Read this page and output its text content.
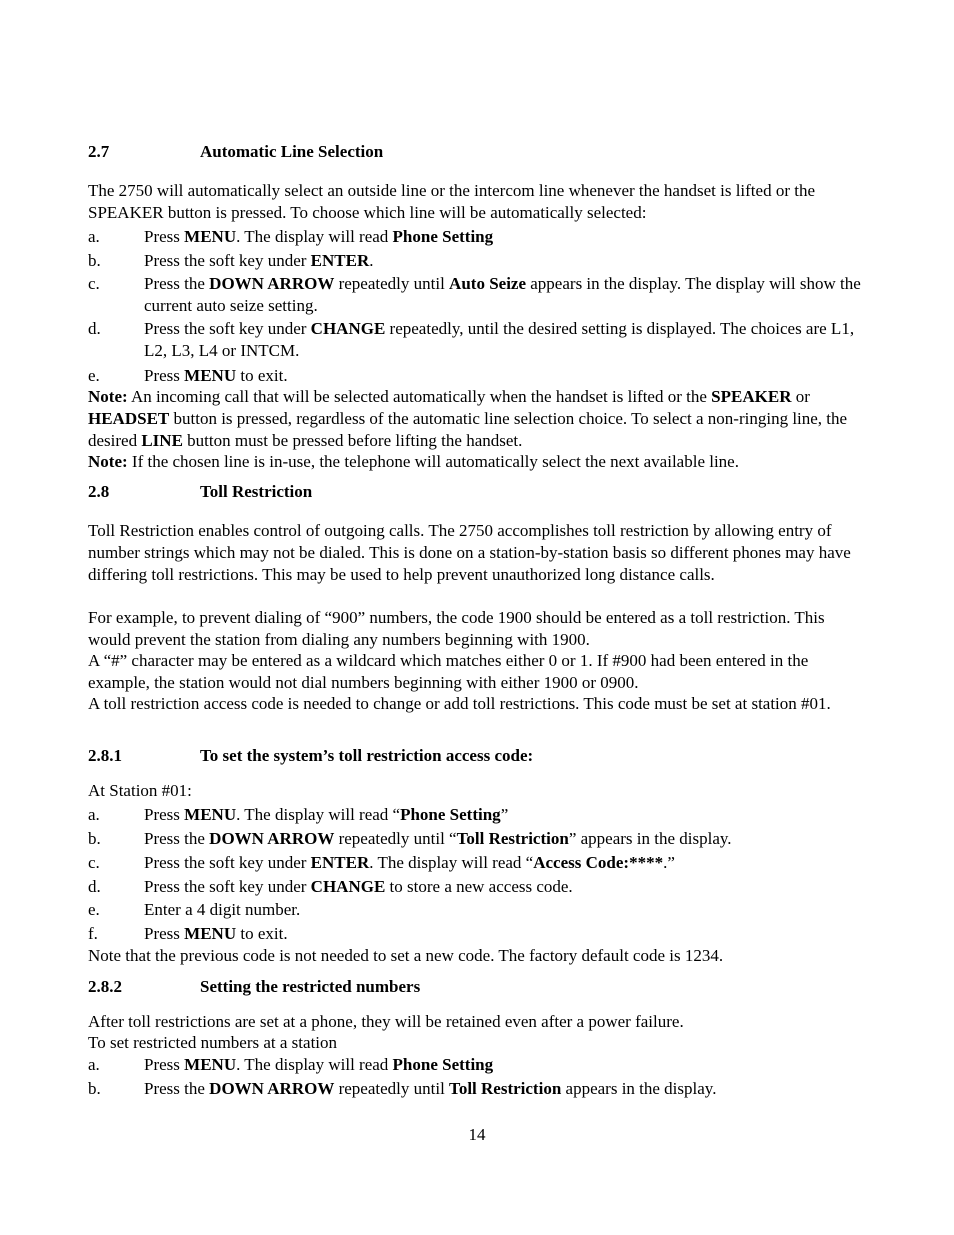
2.7	Automatic Line Selection
The 2750 will automatically select an outside line or the intercom line whenever the handset is lifted or the SPEAKER button is pressed. To choose which line will be automatically selected:
a.	Press MENU. The display will read Phone Setting
b.	Press the soft key under ENTER.
c.	Press the DOWN ARROW repeatedly until Auto Seize appears in the display. The display will show the current auto seize setting.
d.	Press the soft key under CHANGE repeatedly, until the desired setting is displayed. The choices are L1, L2, L3, L4 or INTCM.
e.	Press MENU to exit.
Note: An incoming call that will be selected automatically when the handset is lifted or the SPEAKER or HEADSET button is pressed, regardless of the automatic line selection choice. To select a non-ringing line, the desired LINE button must be pressed before lifting the handset.
Note: If the chosen line is in-use, the telephone will automatically select the next available line.
2.8	Toll Restriction
Toll Restriction enables control of outgoing calls. The 2750 accomplishes toll restriction by allowing entry of number strings which may not be dialed. This is done on a station-by-station basis so different phones may have differing toll restrictions. This may be used to help prevent unauthorized long distance calls.
For example, to prevent dialing of “900” numbers, the code 1900 should be entered as a toll restriction. This would prevent the station from dialing any numbers beginning with 1900.
A “#” character may be entered as a wildcard which matches either 0 or 1. If #900 had been entered in the example, the station would not dial numbers beginning with either 1900 or 0900.
A toll restriction access code is needed to change or add toll restrictions. This code must be set at station #01.
2.8.1	To set the system’s toll restriction access code:
At Station #01:
a.	Press MENU. The display will read “Phone Setting”
b.	Press the DOWN ARROW repeatedly until “Toll Restriction” appears in the display.
c.	Press the soft key under ENTER. The display will read “Access Code:****.”
d.	Press the soft key under CHANGE to store a new access code.
e.	Enter a 4 digit number.
f.	Press MENU to exit.
Note that the previous code is not needed to set a new code. The factory default code is 1234.
2.8.2	Setting the restricted numbers
After toll restrictions are set at a phone, they will be retained even after a power failure.
To set restricted numbers at a station
a.	Press MENU. The display will read Phone Setting
b.	Press the DOWN ARROW repeatedly until Toll Restriction appears in the display.
14
